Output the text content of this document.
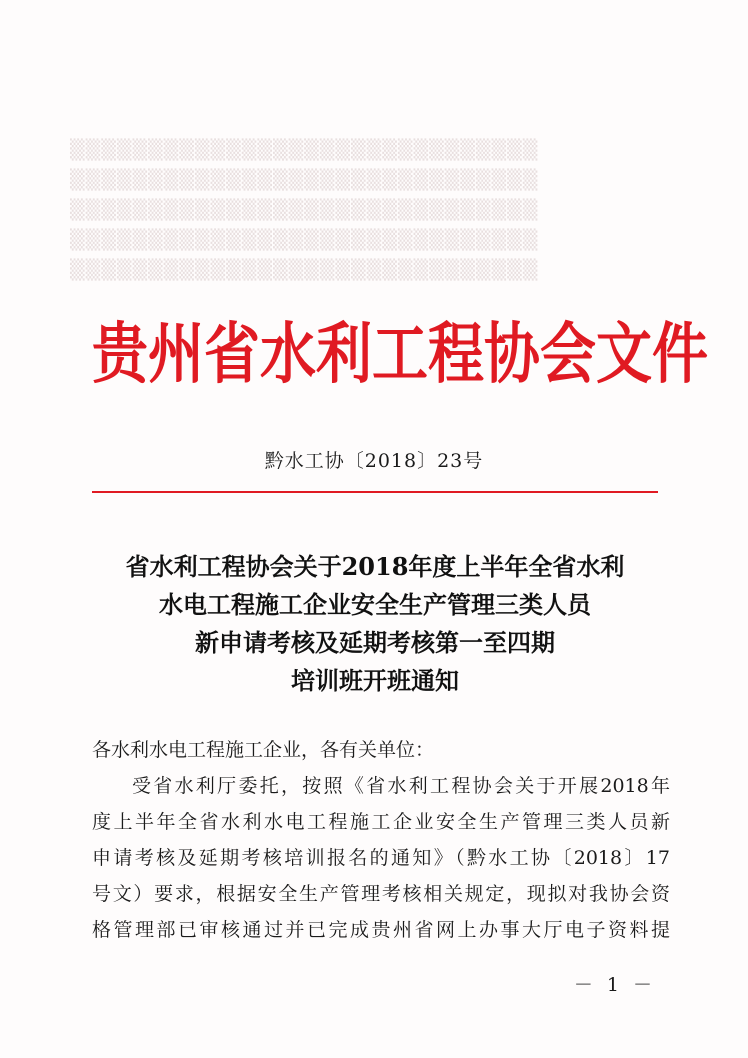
▒▒▒▒▒▒▒▒▒▒▒▒▒▒▒▒▒▒▒▒▒▒▒▒▒▒▒▒▒▒
▒▒▒▒▒▒▒▒▒▒▒▒▒▒▒▒▒▒▒▒▒▒▒▒▒▒▒▒▒▒
▒▒▒▒▒▒▒▒▒▒▒▒▒▒▒▒▒▒▒▒▒▒▒▒▒▒▒▒▒▒
▒▒▒▒▒▒▒▒▒▒▒▒▒▒▒▒▒▒▒▒▒▒▒▒▒▒▒▒▒▒
▒▒▒▒▒▒▒▒▒▒▒▒▒▒▒▒▒▒▒▒▒▒▒▒▒▒▒▒▒▒
贵州省水利工程协会文件
黔水工协〔2018〕23号
省水利工程协会关于2018年度上半年全省水利
水电工程施工企业安全生产管理三类人员
新申请考核及延期考核第一至四期
培训班开班通知
各水利水电工程施工企业，各有关单位：
受省水利厅委托，按照《省水利工程协会关于开展2018年
度上半年全省水利水电工程施工企业安全生产管理三类人员新
申请考核及延期考核培训报名的通知》（黔水工协〔2018〕17
号文）要求，根据安全生产管理考核相关规定，现拟对我协会资
格管理部已审核通过并已完成贵州省网上办事大厅电子资料提
－ 1 －
